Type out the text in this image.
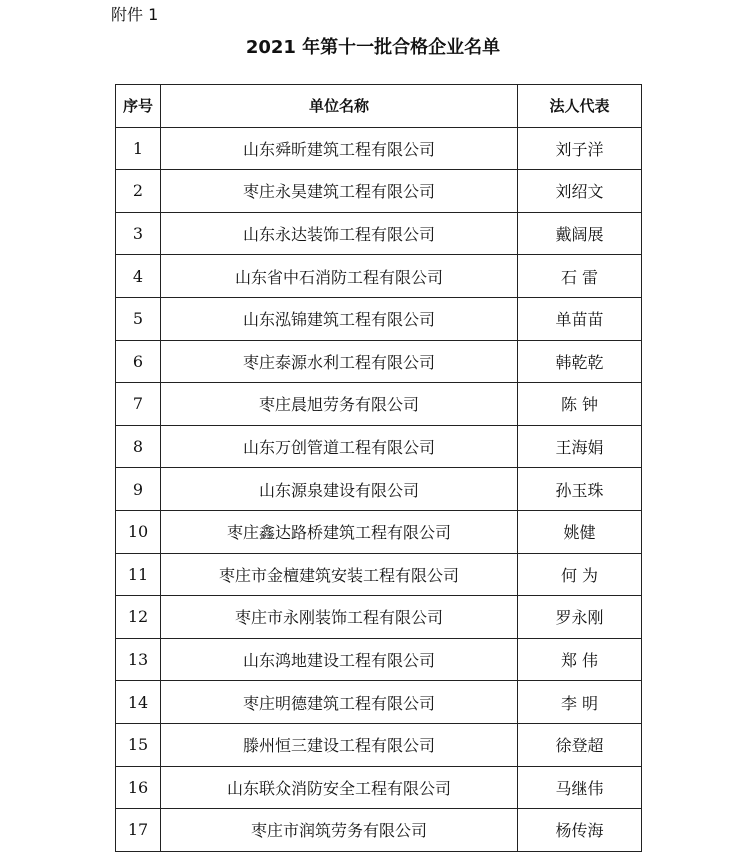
附件 1
2021 年第十一批合格企业名单
序号	单位名称	法人代表
1	山东舜昕建筑工程有限公司	刘子洋
2	枣庄永昊建筑工程有限公司	刘绍文
3	山东永达装饰工程有限公司	戴阔展
4	山东省中石消防工程有限公司	石 雷
5	山东泓锦建筑工程有限公司	单苗苗
6	枣庄泰源水利工程有限公司	韩乾乾
7	枣庄晨旭劳务有限公司	陈 钟
8	山东万创管道工程有限公司	王海娟
9	山东源泉建设有限公司	孙玉珠
10	枣庄鑫达路桥建筑工程有限公司	姚健
11	枣庄市金檀建筑安装工程有限公司	何 为
12	枣庄市永刚装饰工程有限公司	罗永刚
13	山东鸿地建设工程有限公司	郑 伟
14	枣庄明德建筑工程有限公司	李 明
15	滕州恒三建设工程有限公司	徐登超
16	山东联众消防安全工程有限公司	马继伟
17	枣庄市润筑劳务有限公司	杨传海
